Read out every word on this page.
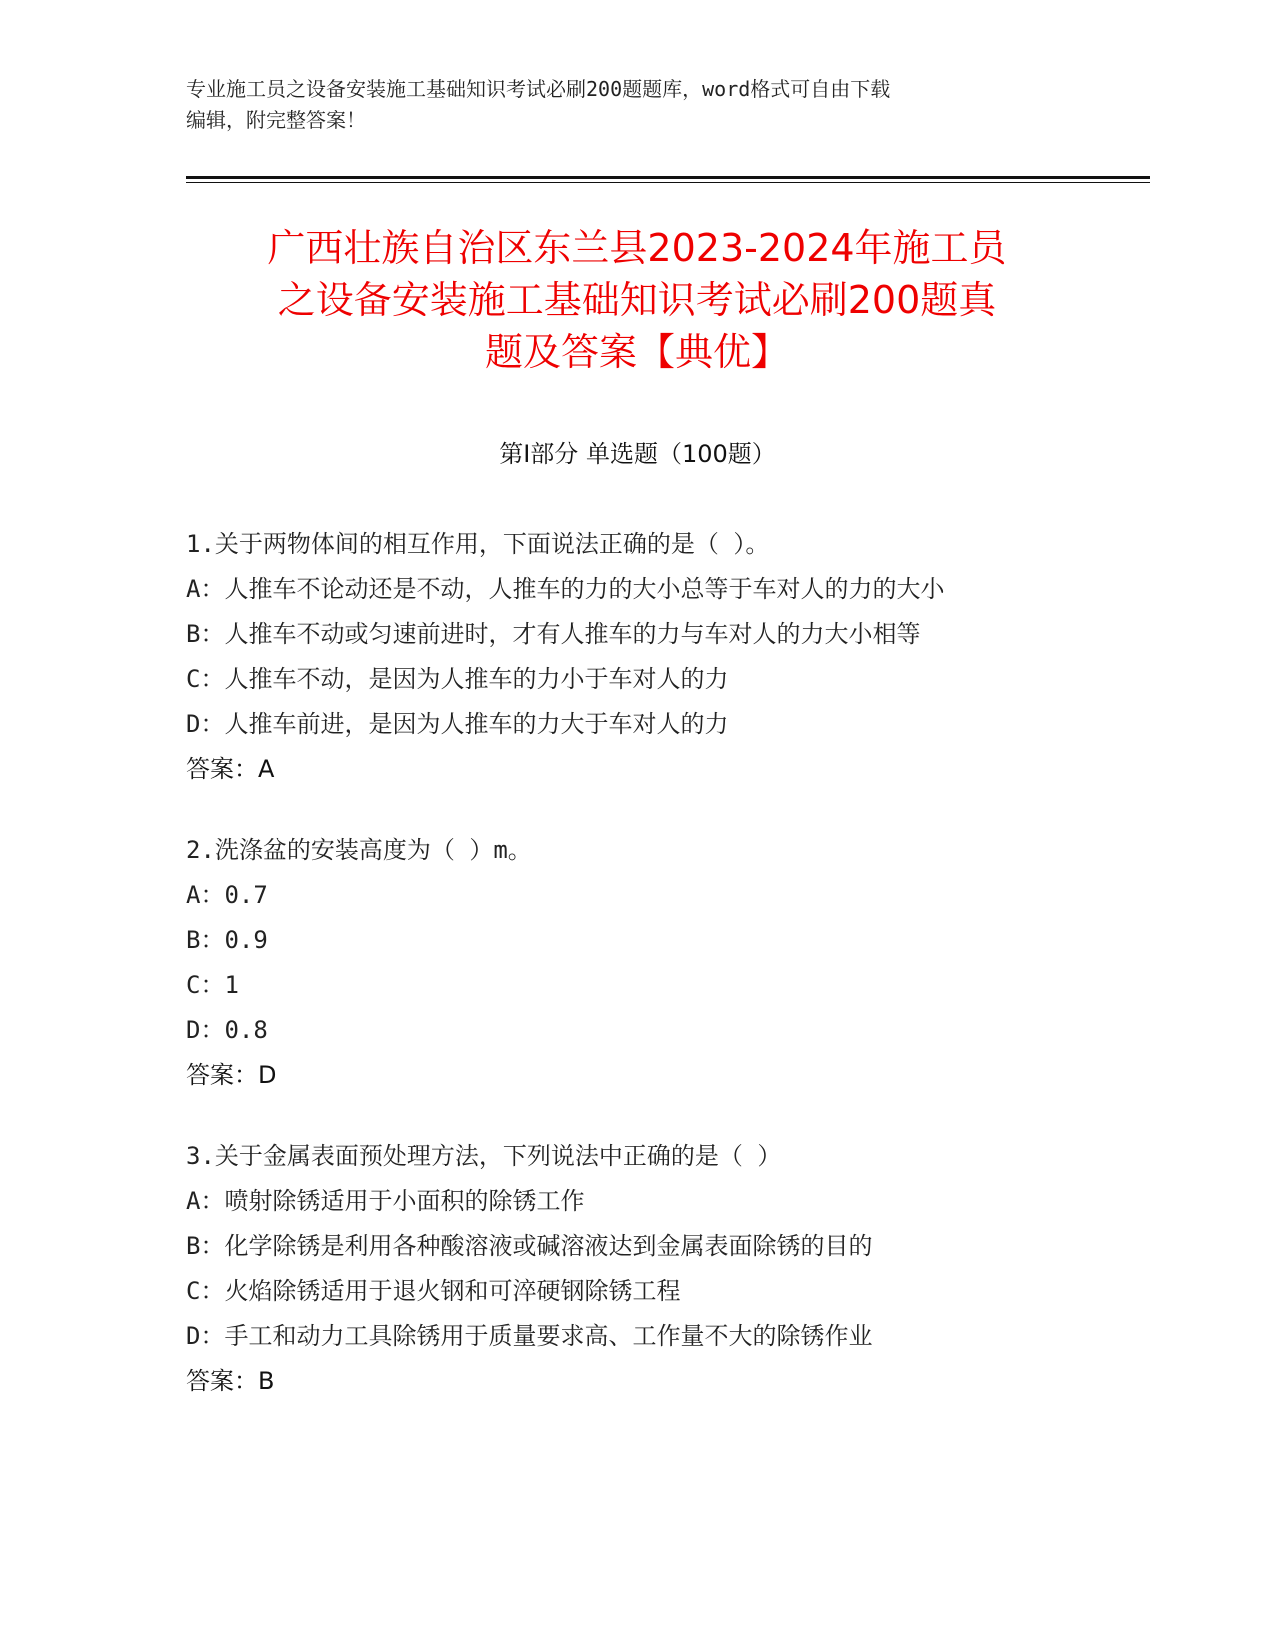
专业施工员之设备安装施工基础知识考试必刷200题题库，word格式可自由下载
编辑，附完整答案！
广西壮族自治区东兰县2023-2024年施工员
之设备安装施工基础知识考试必刷200题真
题及答案【典优】
第Ⅰ部分 单选题（100题）
1.关于两物体间的相互作用，下面说法正确的是（ ）。
A：人推车不论动还是不动，人推车的力的大小总等于车对人的力的大小
B：人推车不动或匀速前进时，才有人推车的力与车对人的力大小相等
C：人推车不动，是因为人推车的力小于车对人的力
D：人推车前进，是因为人推车的力大于车对人的力
答案：A
2.洗涤盆的安装高度为（ ）m。
A：0.7
B：0.9
C：1
D：0.8
答案：D
3.关于金属表面预处理方法，下列说法中正确的是（ ）
A：喷射除锈适用于小面积的除锈工作
B：化学除锈是利用各种酸溶液或碱溶液达到金属表面除锈的目的
C：火焰除锈适用于退火钢和可淬硬钢除锈工程
D：手工和动力工具除锈用于质量要求高、工作量不大的除锈作业
答案：B
